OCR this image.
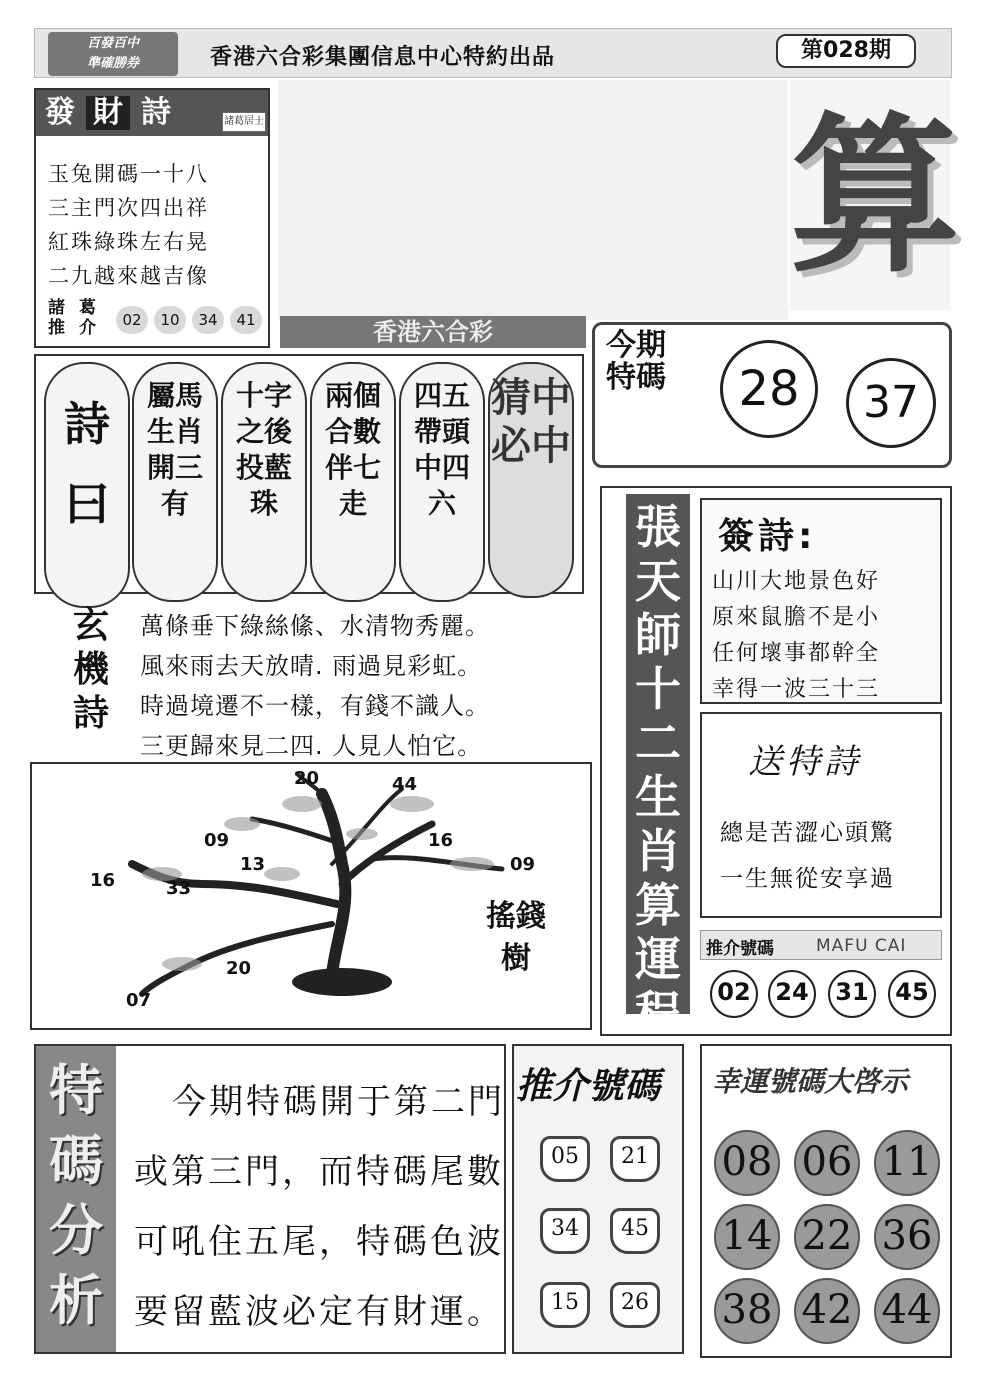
百發百中
準確勝券	香港六合彩集團信息中心特約出品	第028期
發 財 詩	諸葛居士
玉兔開碼一十八
三主門次四出祥
紅珠綠珠左右晃
二九越來越吉像
諸葛推介 02	10	34	41
算
香港六合彩	今期特碼	28	37
詩曰
屬馬生肖開三有
十字之後投藍珠
兩個合數伴七走
四五帶頭中四六
猜中必中
玄機詩
萬條垂下綠絲絛、水清物秀麗。
風來雨去天放晴. 雨過見彩虹。
時過境遷不一樣，有錢不識人。
三更歸來見二四. 人見人怕它。
20	44
09	16
13
16
09
33
20
07
搖錢樹
張天師十二生肖算運程
簽詩:
山川大地景色好
原來鼠膽不是小
任何壞事都幹全
幸得一波三十三
送特詩
總是苦澀心頭驚
一生無從安享過
推介號碼 MAFU CAI
02	24	31	45
特碼分析
今期特碼開于第二門
或第三門，而特碼尾數
可吼住五尾，特碼色波
要留藍波必定有財運。
推介號碼
05	21
34	45
15	26
幸運號碼大啓示
08 06 11
14 22 36
38 42 44
